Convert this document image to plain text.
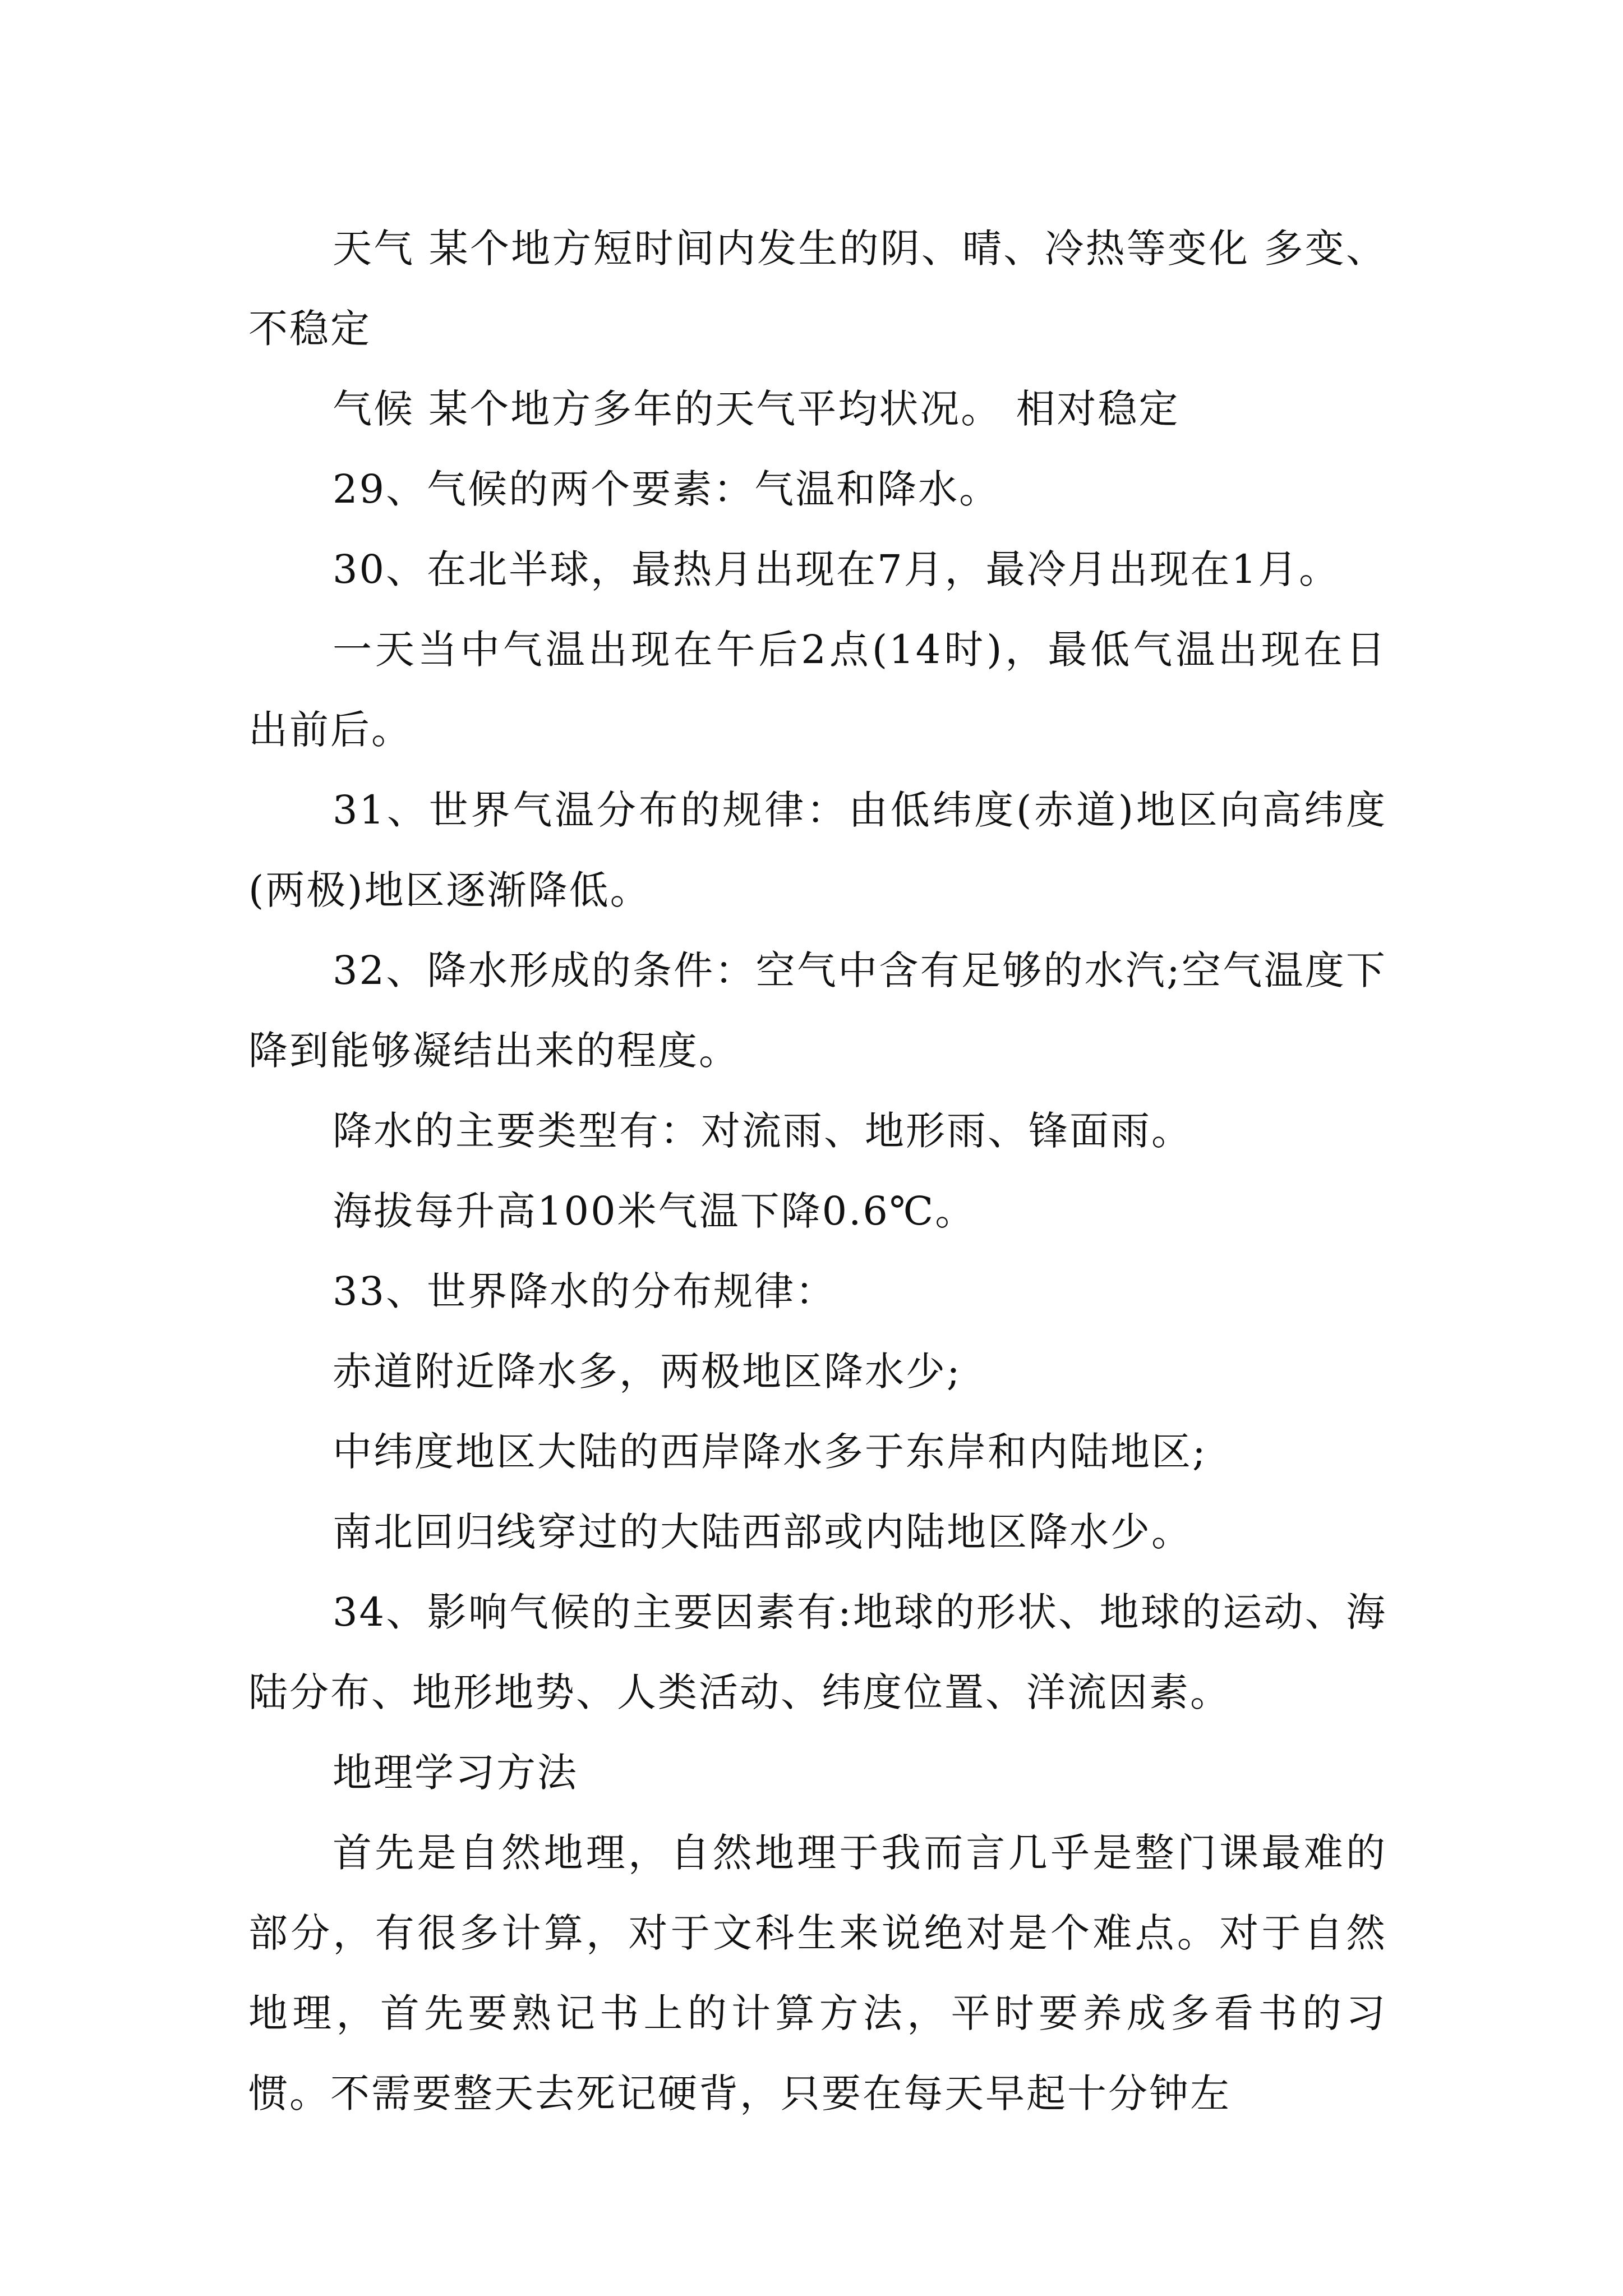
天气 某个地方短时间内发生的阴、晴、冷热等变化 多变、不稳定

气候 某个地方多年的天气平均状况。 相对稳定

29、气候的两个要素：气温和降水。

30、在北半球，最热月出现在7月，最冷月出现在1月。

一天当中气温出现在午后2点(14时)，最低气温出现在日出前后。

31、世界气温分布的规律：由低纬度(赤道)地区向高纬度(两极)地区逐渐降低。

32、降水形成的条件：空气中含有足够的水汽;空气温度下降到能够凝结出来的程度。

降水的主要类型有：对流雨、地形雨、锋面雨。

海拔每升高100米气温下降0.6℃。

33、世界降水的分布规律：

赤道附近降水多，两极地区降水少;

中纬度地区大陆的西岸降水多于东岸和内陆地区;

南北回归线穿过的大陆西部或内陆地区降水少。

34、影响气候的主要因素有:地球的形状、地球的运动、海陆分布、地形地势、人类活动、纬度位置、洋流因素。

地理学习方法

首先是自然地理，自然地理于我而言几乎是整门课最难的部分，有很多计算，对于文科生来说绝对是个难点。对于自然地理，首先要熟记书上的计算方法，平时要养成多看书的习惯。不需要整天去死记硬背，只要在每天早起十分钟左
